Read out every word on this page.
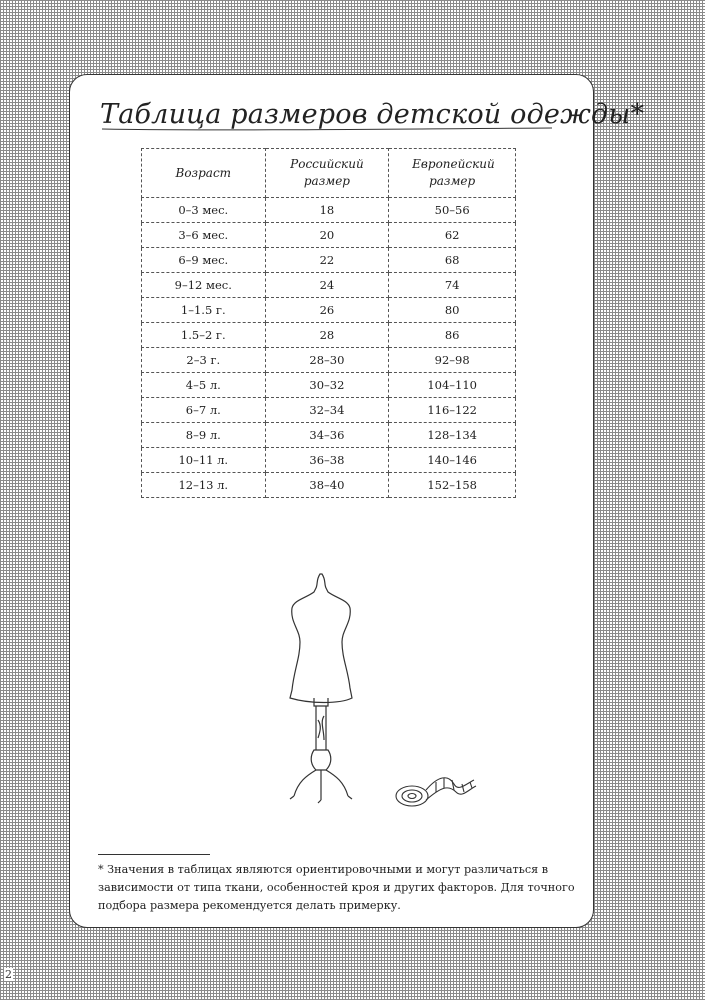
Таблица размеров детской одежды*
Возраст	Российский размер	Европейский размер
0–3 мес.	18	50–56
3–6 мес.	20	62
6–9 мес.	22	68
9–12 мес.	24	74
1–1.5 г.	26	80
1.5–2 г.	28	86
2–3 г.	28–30	92–98
4–5 л.	30–32	104–110
6–7 л.	32–34	116–122
8–9 л.	34–36	128–134
10–11 л.	36–38	140–146
12–13 л.	38–40	152–158
* Значения в таблицах являются ориентировочными и могут различаться в зависимости от типа ткани, особенностей кроя и других факторов. Для точного подбора размера рекомендуется делать примерку.
2
